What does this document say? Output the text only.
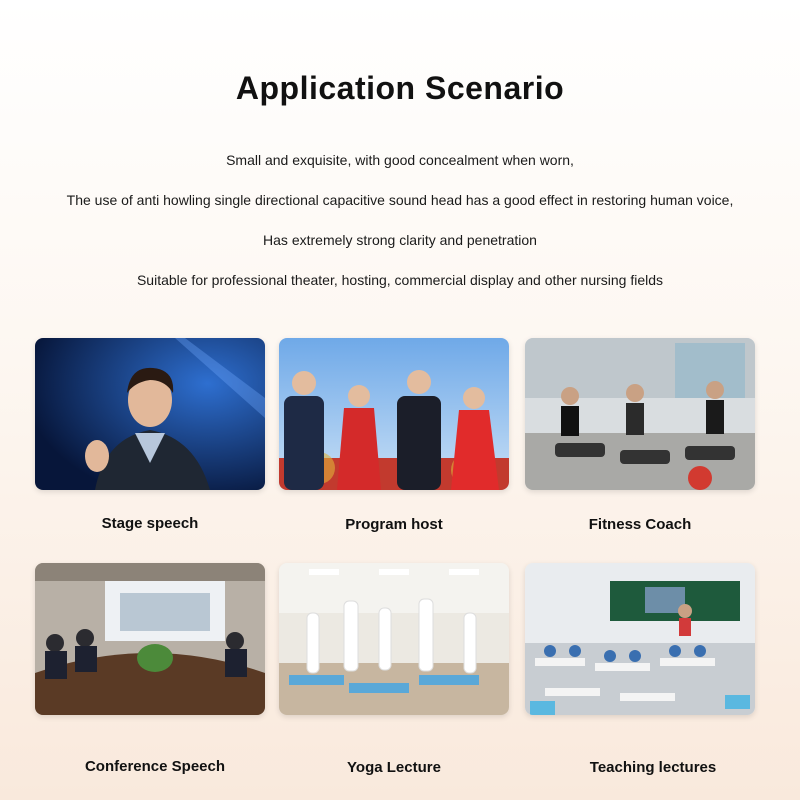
Application Scenario
Small and exquisite, with good concealment when worn,
The use of anti howling single directional capacitive sound head has a good effect in restoring human voice,
Has extremely strong clarity and penetration
Suitable for professional theater, hosting, commercial display and other nursing fields
Stage speech	Program host	Fitness Coach
Conference Speech	Yoga Lecture	Teaching lectures
